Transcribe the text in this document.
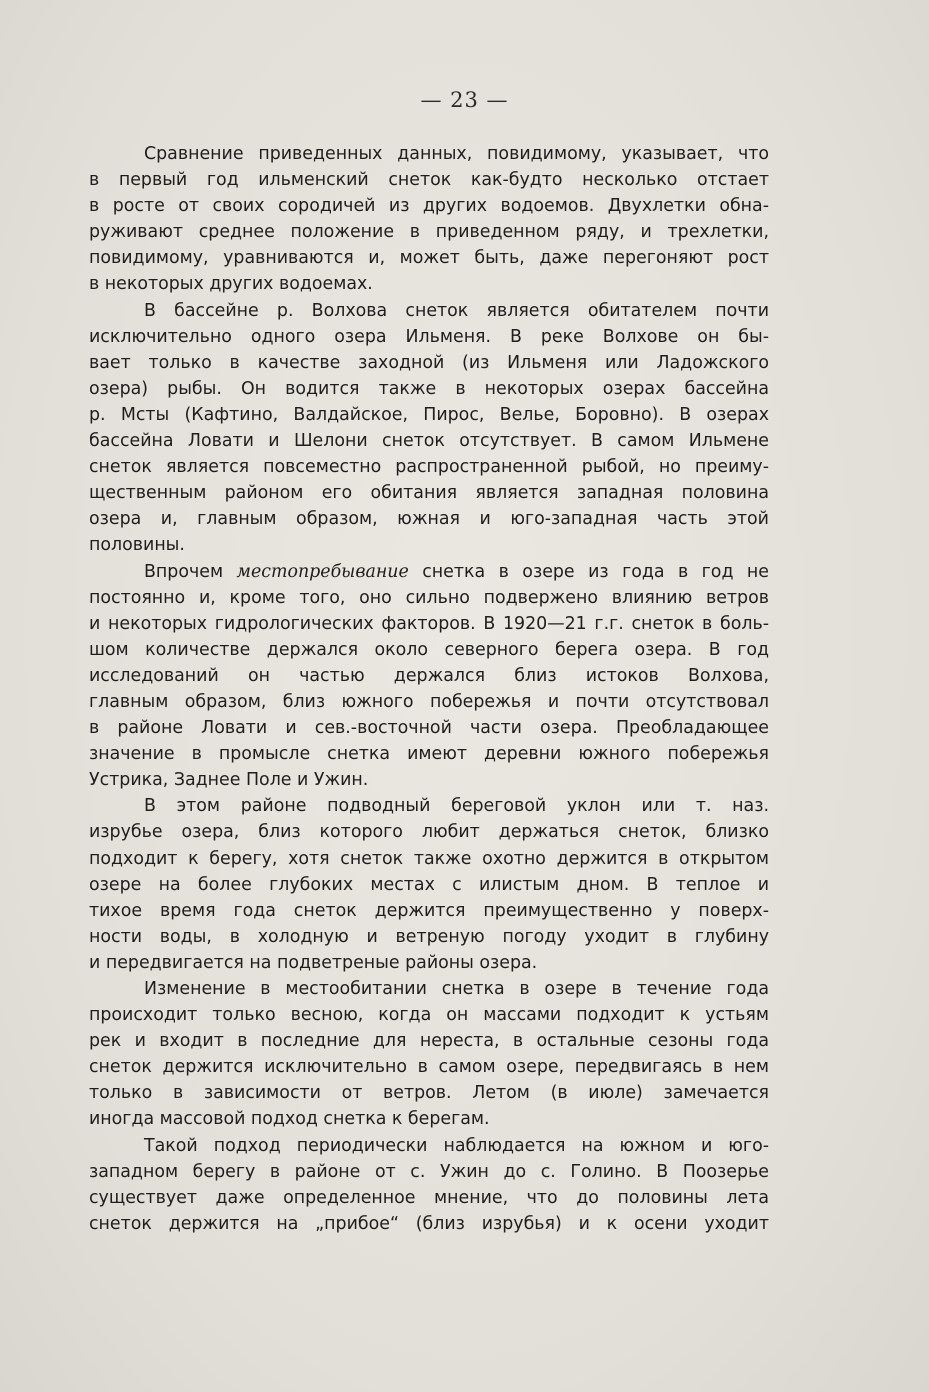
— 23 —
Сравнение приведенных данных, повидимому, указывает, что
в первый год ильменский снеток как-будто несколько отстает
в росте от своих сородичей из других водоемов. Двухлетки обна-
руживают среднее положение в приведенном ряду, и трехлетки,
повидимому, уравниваются и, может быть, даже перегоняют рост
в некоторых других водоемах.
В бассейне р. Волхова снеток является обитателем почти
исключительно одного озера Ильменя. В реке Волхове он бы-
вает только в качестве заходной (из Ильменя или Ладожского
озера) рыбы. Он водится также в некоторых озерах бассейна
р. Мсты (Кафтино, Валдайское, Пирос, Велье, Боровно). В озерах
бассейна Ловати и Шелони снеток отсутствует. В самом Ильмене
снеток является повсеместно распространенной рыбой, но преиму-
щественным районом его обитания является западная половина
озера и, главным образом, южная и юго-западная часть этой
половины.
Впрочем местопребывание снетка в озере из года в год не
постоянно и, кроме того, оно сильно подвержено влиянию ветров
и некоторых гидрологических факторов. В 1920—21 г.г. снеток в боль-
шом количестве держался около северного берега озера. В год
исследований он частью держался близ истоков Волхова,
главным образом, близ южного побережья и почти отсутствовал
в районе Ловати и сев.-восточной части озера. Преобладающее
значение в промысле снетка имеют деревни южного побережья
Устрика, Заднее Поле и Ужин.
В этом районе подводный береговой уклон или т. наз.
изрубье озера, близ которого любит держаться снеток, близко
подходит к берегу, хотя снеток также охотно держится в открытом
озере на более глубоких местах с илистым дном. В теплое и
тихое время года снеток держится преимущественно у поверх-
ности воды, в холодную и ветреную погоду уходит в глубину
и передвигается на подветреные районы озера.
Изменение в местообитании снетка в озере в течение года
происходит только весною, когда он массами подходит к устьям
рек и входит в последние для нереста, в остальные сезоны года
снеток держится исключительно в самом озере, передвигаясь в нем
только в зависимости от ветров. Летом (в июле) замечается
иногда массовой подход снетка к берегам.
Такой подход периодически наблюдается на южном и юго-
западном берегу в районе от с. Ужин до с. Голино. В Поозерье
существует даже определенное мнение, что до половины лета
снеток держится на „прибое“ (близ изрубья) и к осени уходит
